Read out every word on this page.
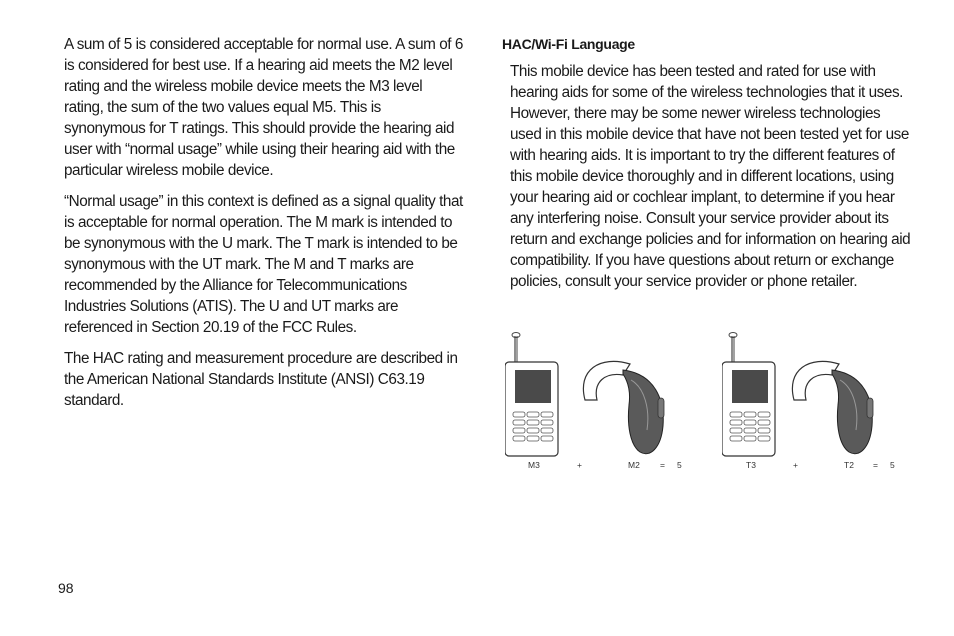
A sum of 5 is considered acceptable for normal use. A sum of 6 is considered for best use. If a hearing aid meets the M2 level rating and the wireless mobile device meets the M3 level rating, the sum of the two values equal M5. This is synonymous for T ratings. This should provide the hearing aid user with “normal usage” while using their hearing aid with the particular wireless mobile device.

“Normal usage” in this context is defined as a signal quality that is acceptable for normal operation. The M mark is intended to be synonymous with the U mark. The T mark is intended to be synonymous with the UT mark. The M and T marks are recommended by the Alliance for Telecommunications Industries Solutions (ATIS). The U and UT marks are referenced in Section 20.19 of the FCC Rules.

The HAC rating and measurement procedure are described in the American National Standards Institute (ANSI) C63.19 standard.

HAC/Wi-Fi Language

This mobile device has been tested and rated for use with hearing aids for some of the wireless technologies that it uses. However, there may be some newer wireless technologies used in this mobile device that have not been tested yet for use with hearing aids. It is important to try the different features of this mobile device thoroughly and in different locations, using your hearing aid or cochlear implant, to determine if you hear any interfering noise. Consult your service provider about its return and exchange policies and for information on hearing aid compatibility. If you have questions about return or exchange policies, consult your service provider or phone retailer.

M3	+	M2 = 5	T3	+	T2 = 5
98
